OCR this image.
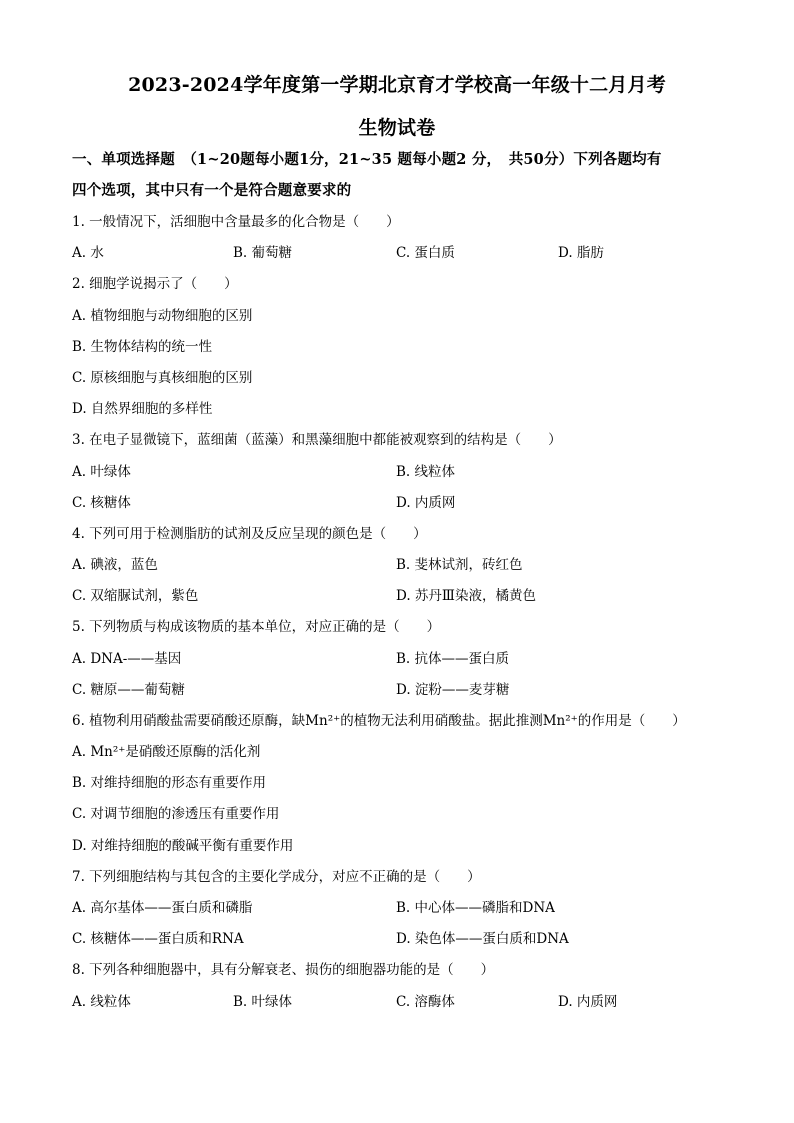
2023-2024学年度第一学期北京育才学校高一年级十二月月考
生物试卷
一、单项选择题　（1~20题每小题1分，21~35 题每小题2 分，　共50分）下列各题均有
四个选项，其中只有一个是符合题意要求的
1. 一般情况下，活细胞中含量最多的化合物是（　　）
A. 水	B. 葡萄糖	C. 蛋白质	D. 脂肪
2. 细胞学说揭示了（　　）
A. 植物细胞与动物细胞的区别
B. 生物体结构的统一性
C. 原核细胞与真核细胞的区别
D. 自然界细胞的多样性
3. 在电子显微镜下，蓝细菌（蓝藻）和黑藻细胞中都能被观察到的结构是（　　）
A. 叶绿体	B. 线粒体
C. 核糖体	D. 内质网
4. 下列可用于检测脂肪的试剂及反应呈现的颜色是（　　）
A. 碘液，蓝色	B. 斐林试剂，砖红色
C. 双缩脲试剂，紫色	D. 苏丹Ⅲ染液，橘黄色
5. 下列物质与构成该物质的基本单位，对应正确的是（　　）
A. DNA-——基因	B. 抗体——蛋白质
C. 糖原——葡萄糖	D. 淀粉——麦芽糖
6. 植物利用硝酸盐需要硝酸还原酶，缺Mn²⁺的植物无法利用硝酸盐。据此推测Mn²⁺的作用是（　　）
A. Mn²⁺是硝酸还原酶的活化剂
B. 对维持细胞的形态有重要作用
C. 对调节细胞的渗透压有重要作用
D. 对维持细胞的酸碱平衡有重要作用
7. 下列细胞结构与其包含的主要化学成分，对应不正确的是（　　）
A. 高尔基体——蛋白质和磷脂	B. 中心体——磷脂和DNA
C. 核糖体——蛋白质和RNA	D. 染色体——蛋白质和DNA
8. 下列各种细胞器中，具有分解衰老、损伤的细胞器功能的是（　　）
A. 线粒体	B. 叶绿体	C. 溶酶体	D. 内质网
